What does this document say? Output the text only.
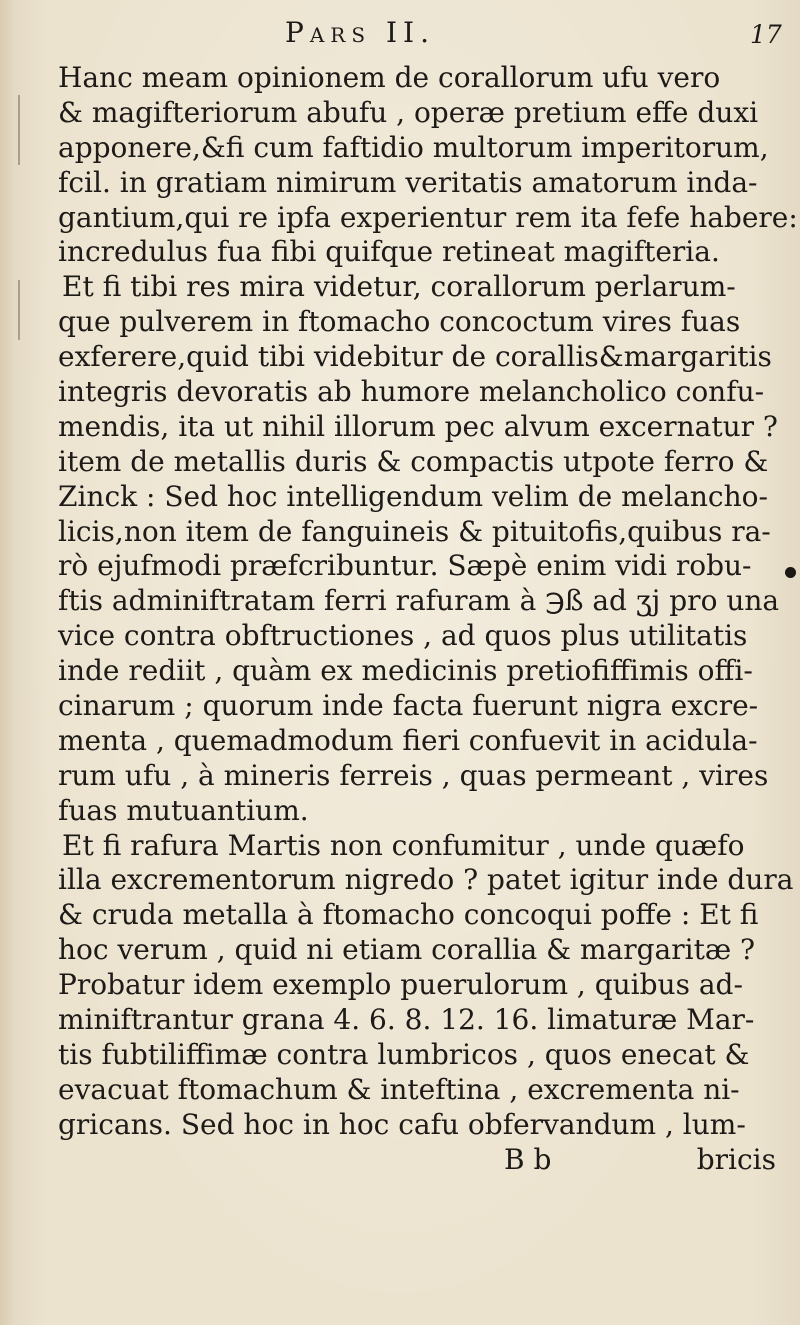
Pars II.	17
Hanc meam opinionem de corallorum ufu vero
& magifteriorum abufu , operæ pretium effe duxi
apponere,&fi cum faftidio multorum imperitorum,
fcil. in gratiam nimirum veritatis amatorum inda-
gantium,qui re ipfa experientur rem ita fefe habere:
incredulus fua fibi quifque retineat magifteria.
Et fi tibi res mira videtur, corallorum perlarum-
que pulverem in ftomacho concoctum vires fuas
exferere,quid tibi videbitur de corallis&margaritis
integris devoratis ab humore melancholico confu-
mendis, ita ut nihil illorum pec alvum excernatur ?
item de metallis duris & compactis utpote ferro &
Zinck : Sed hoc intelligendum velim de melancho-
licis,non item de fanguineis & pituitofis,quibus ra-
rò ejufmodi præfcribuntur. Sæpè enim vidi robu-
ftis adminiftratam ferri rafuram à ℈ß ad ʒj pro una
vice contra obftructiones , ad quos plus utilitatis
inde rediit , quàm ex medicinis pretiofiffimis offi-
cinarum ; quorum inde facta fuerunt nigra excre-
menta , quemadmodum fieri confuevit in acidula-
rum ufu , à mineris ferreis , quas permeant , vires
fuas mutuantium.
Et fi rafura Martis non confumitur , unde quæfo
illa excrementorum nigredo ? patet igitur inde dura
& cruda metalla à ftomacho concoqui poffe : Et fi
hoc verum , quid ni etiam corallia & margaritæ ?
Probatur idem exemplo puerulorum , quibus ad-
miniftrantur grana 4. 6. 8. 12. 16. limaturæ Mar-
tis fubtiliffimæ contra lumbricos , quos enecat &
evacuat ftomachum & inteftina , excrementa ni-
gricans. Sed hoc in hoc cafu obfervandum , lum-
B b	bricis
